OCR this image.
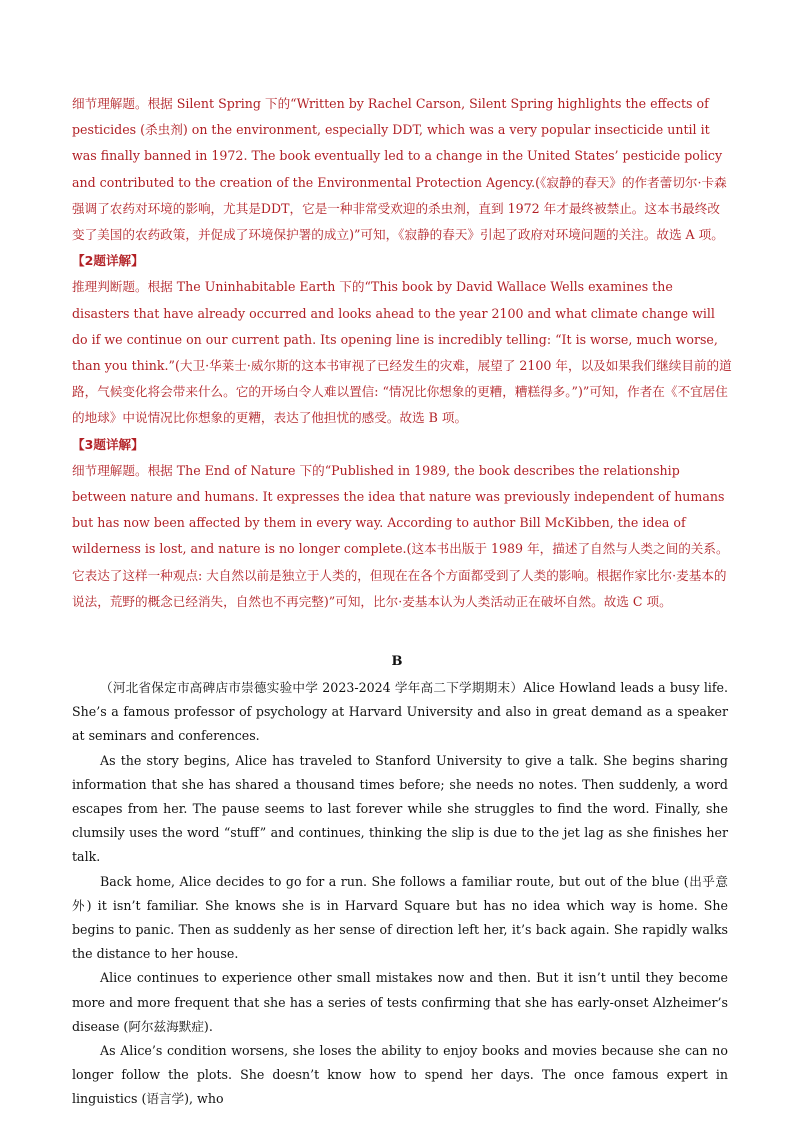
细节理解题。根据 Silent Spring 下的“Written by Rachel Carson, Silent Spring highlights the effects of pesticides (杀虫剂) on the environment, especially DDT, which was a very popular insecticide until it was finally banned in 1972. The book eventually led to a change in the United States’ pesticide policy and contributed to the creation of the Environmental Protection Agency.(《寂静的春天》的作者蕾切尔·卡森强调了农药对环境的影响，尤其是DDT，它是一种非常受欢迎的杀虫剂，直到 1972 年才最终被禁止。这本书最终改变了美国的农药政策，并促成了环境保护署的成立)”可知，《寂静的春天》引起了政府对环境问题的关注。故选 A 项。

【2题详解】

推理判断题。根据 The Uninhabitable Earth 下的“This book by David Wallace Wells examines the disasters that have already occurred and looks ahead to the year 2100 and what climate change will do if we continue on our current path. Its opening line is incredibly telling: “It is worse, much worse, than you think.”(大卫·华莱士·威尔斯的这本书审视了已经发生的灾难，展望了 2100 年，以及如果我们继续目前的道路，气候变化将会带来什么。它的开场白令人难以置信: “情况比你想象的更糟，糟糕得多。”)”可知，作者在《不宜居住的地球》中说情况比你想象的更糟，表达了他担忧的感受。故选 B 项。

【3题详解】

细节理解题。根据 The End of Nature 下的“Published in 1989, the book describes the relationship between nature and humans. It expresses the idea that nature was previously independent of humans but has now been affected by them in every way. According to author Bill McKibben, the idea of wilderness is lost, and nature is no longer complete.(这本书出版于 1989 年，描述了自然与人类之间的关系。它表达了这样一种观点: 大自然以前是独立于人类的，但现在在各个方面都受到了人类的影响。根据作家比尔·麦基本的说法，荒野的概念已经消失，自然也不再完整)”可知，比尔·麦基本认为人类活动正在破坏自然。故选 C 项。

B

（河北省保定市高碑店市崇德实验中学 2023-2024 学年高二下学期期末）Alice Howland leads a busy life. She’s a famous professor of psychology at Harvard University and also in great demand as a speaker at seminars and conferences.

As the story begins, Alice has traveled to Stanford University to give a talk. She begins sharing information that she has shared a thousand times before; she needs no notes. Then suddenly, a word escapes from her. The pause seems to last forever while she struggles to find the word. Finally, she clumsily uses the word “stuff” and continues, thinking the slip is due to the jet lag as she finishes her talk.

Back home, Alice decides to go for a run. She follows a familiar route, but out of the blue (出乎意外) it isn’t familiar. She knows she is in Harvard Square but has no idea which way is home. She begins to panic. Then as suddenly as her sense of direction left her, it’s back again. She rapidly walks the distance to her house.

Alice continues to experience other small mistakes now and then. But it isn’t until they become more and more frequent that she has a series of tests confirming that she has early-onset Alzheimer’s disease (阿尔兹海默症).

As Alice’s condition worsens, she loses the ability to enjoy books and movies because she can no longer follow the plots. She doesn’t know how to spend her days. The once famous expert in linguistics (语言学), who
